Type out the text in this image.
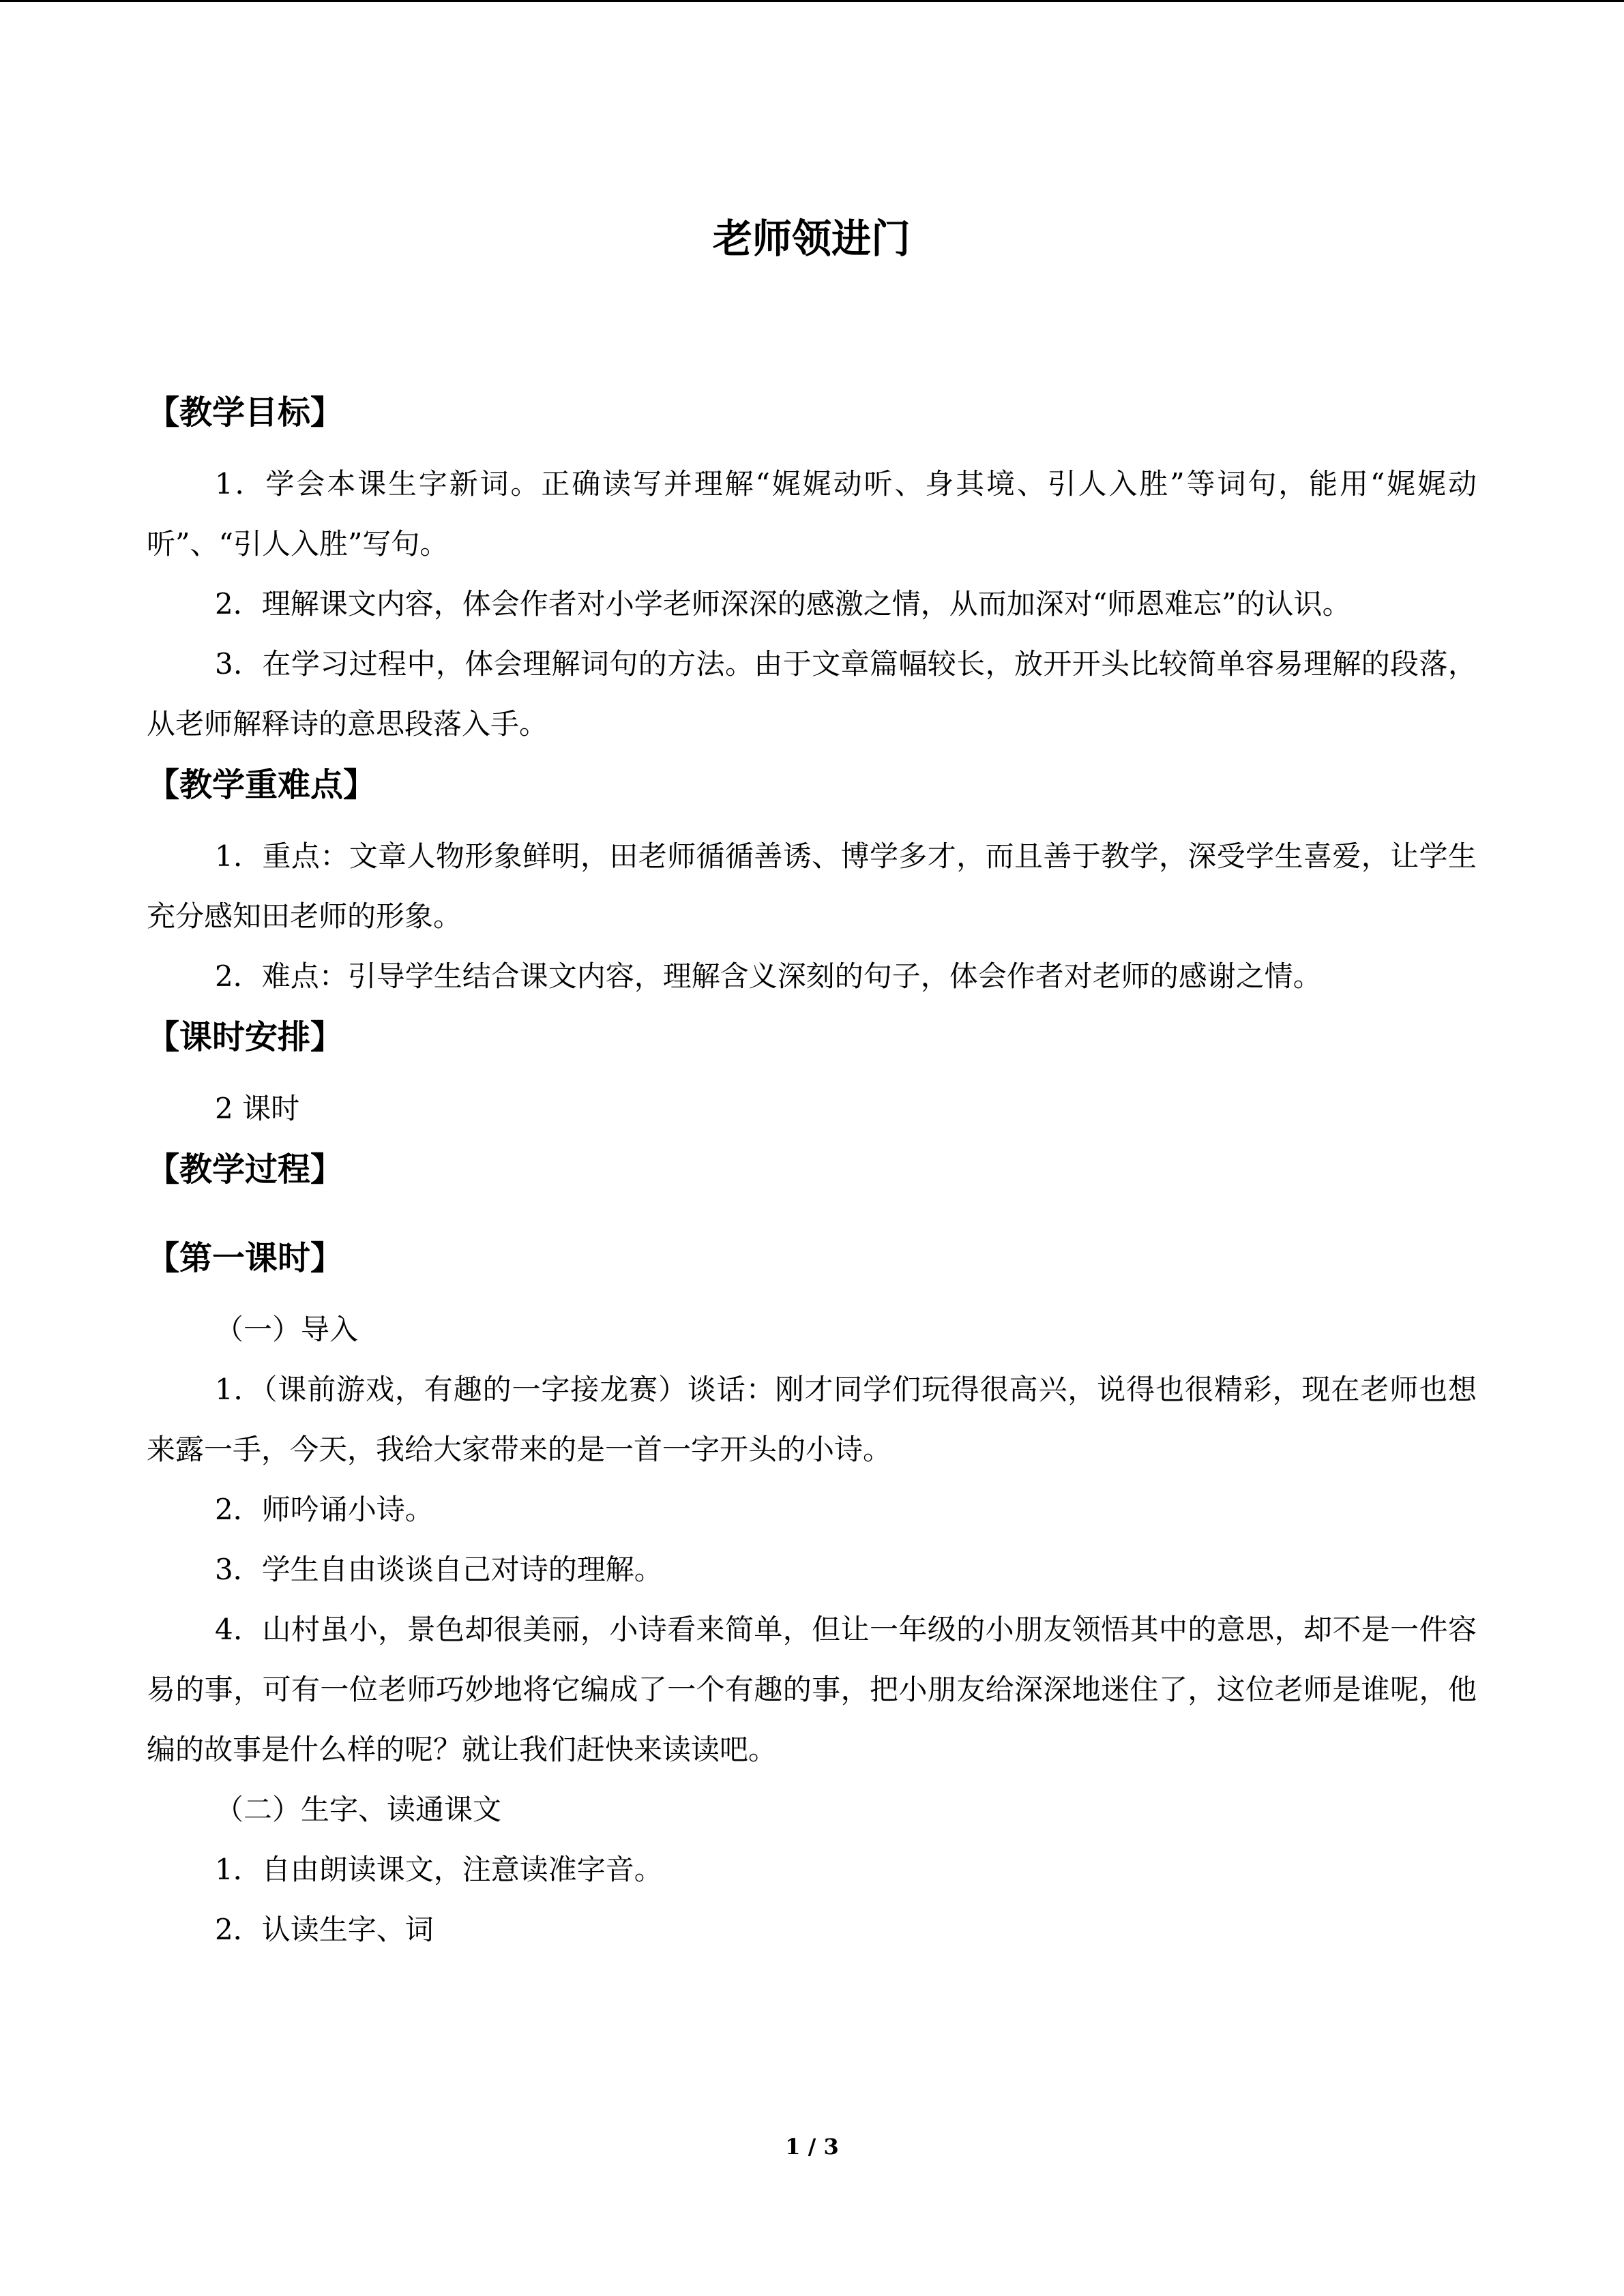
老师领进门
【教学目标】

1．学会本课生字新词。正确读写并理解“娓娓动听、身其境、引人入胜”等词句，能用“娓娓动听”、“引人入胜”写句。

2．理解课文内容，体会作者对小学老师深深的感激之情，从而加深对“师恩难忘”的认识。

3．在学习过程中，体会理解词句的方法。由于文章篇幅较长，放开开头比较简单容易理解的段落，从老师解释诗的意思段落入手。

【教学重难点】

1．重点：文章人物形象鲜明，田老师循循善诱、博学多才，而且善于教学，深受学生喜爱，让学生充分感知田老师的形象。

2．难点：引导学生结合课文内容，理解含义深刻的句子，体会作者对老师的感谢之情。

【课时安排】

2 课时

【教学过程】
【第一课时】

（一）导入

1．（课前游戏，有趣的一字接龙赛）谈话：刚才同学们玩得很高兴，说得也很精彩，现在老师也想来露一手，今天，我给大家带来的是一首一字开头的小诗。

2．师吟诵小诗。

3．学生自由谈谈自己对诗的理解。

4．山村虽小，景色却很美丽，小诗看来简单，但让一年级的小朋友领悟其中的意思，却不是一件容易的事，可有一位老师巧妙地将它编成了一个有趣的事，把小朋友给深深地迷住了，这位老师是谁呢，他编的故事是什么样的呢？就让我们赶快来读读吧。

（二）生字、读通课文

1．自由朗读课文，注意读准字音。

2．认读生字、词

1 / 3
